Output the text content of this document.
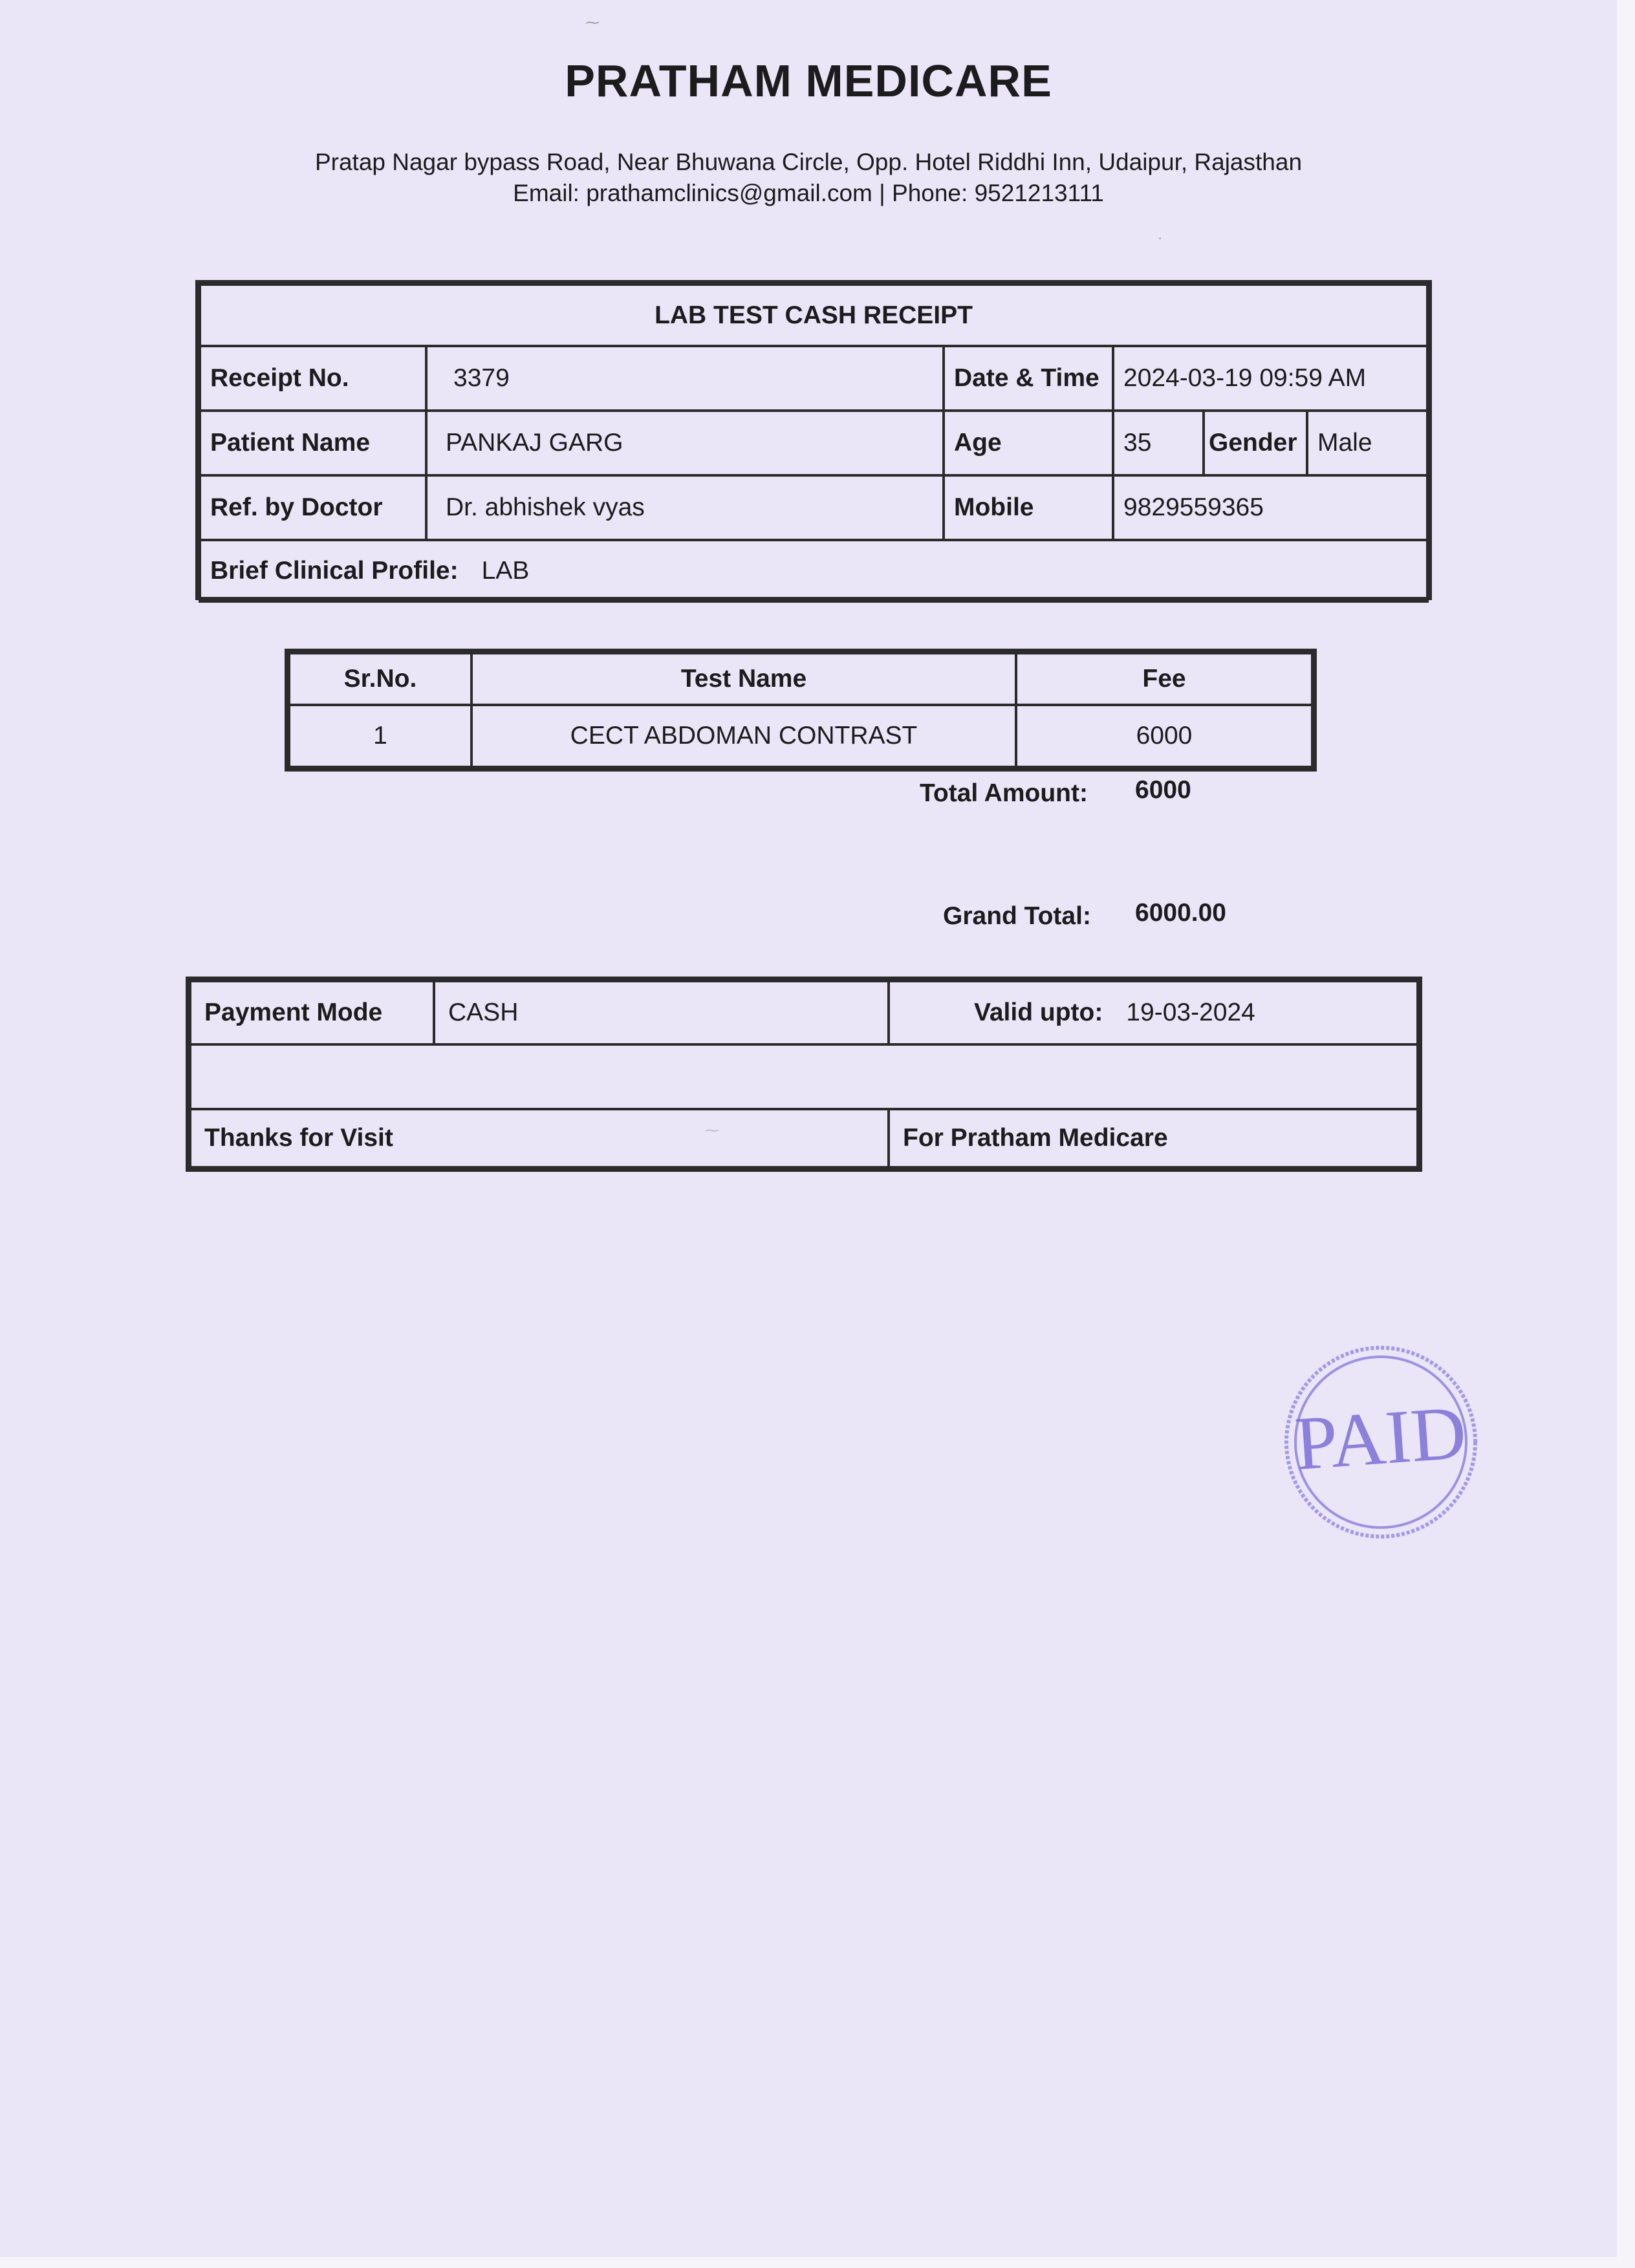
PRATHAM MEDICARE
Pratap Nagar bypass Road, Near Bhuwana Circle, Opp. Hotel Riddhi Inn, Udaipur, Rajasthan
Email: prathamclinics@gmail.com | Phone: 9521213111
LAB TEST CASH RECEIPT					
Receipt No.	3379	Date & Time	2024-03-19 09:59 AM		
Patient Name	PANKAJ GARG	Age	35	Gender	Male
Ref. by Doctor	Dr. abhishek vyas	Mobile	9829559365		
Brief Clinical Profile: LAB					
Sr.No.	Test Name	Fee
1	CECT ABDOMAN CONTRAST	6000
Total Amount: 6000
Grand Total: 6000.00
Payment Mode	CASH	Valid upto: 19-03-2024

Thanks for Visit		For Pratham Medicare
PAID
⁓
·
⁓
